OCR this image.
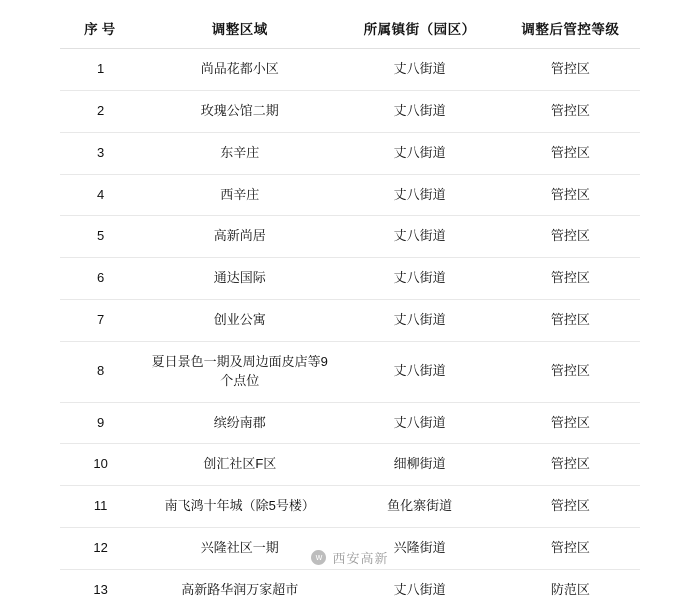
序号	调整区域	所属镇街（园区）	调整后管控等级
1	尚品花都小区	丈八街道	管控区
2	玫瑰公馆二期	丈八街道	管控区
3	东辛庄	丈八街道	管控区
4	西辛庄	丈八街道	管控区
5	高新尚居	丈八街道	管控区
6	通达国际	丈八街道	管控区
7	创业公寓	丈八街道	管控区
8	夏日景色一期及周边面皮店等9个点位	丈八街道	管控区
9	缤纷南郡	丈八街道	管控区
10	创汇社区F区	细柳街道	管控区
11	南飞鸿十年城（除5号楼）	鱼化寨街道	管控区
12	兴隆社区一期	兴隆街道	管控区
13	高新路华润万家超市	丈八街道	防范区
w 西安高新
